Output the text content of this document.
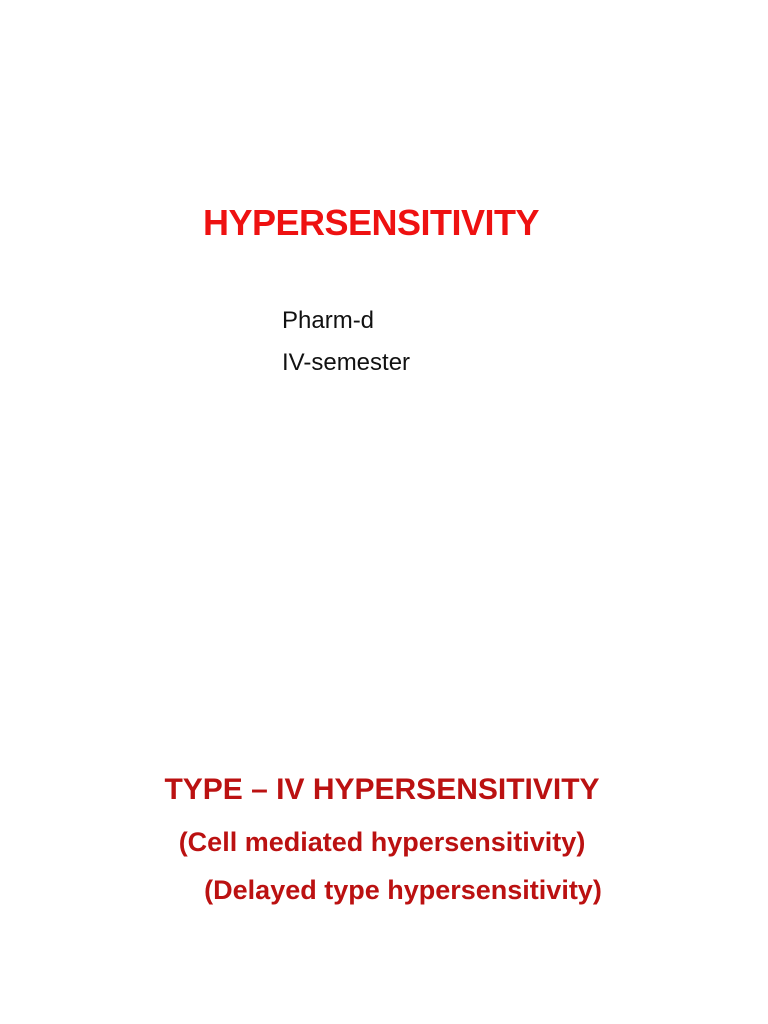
HYPERSENSITIVITY
Pharm-d
IV-semester
TYPE – IV HYPERSENSITIVITY
(Cell mediated hypersensitivity)
(Delayed type hypersensitivity)
